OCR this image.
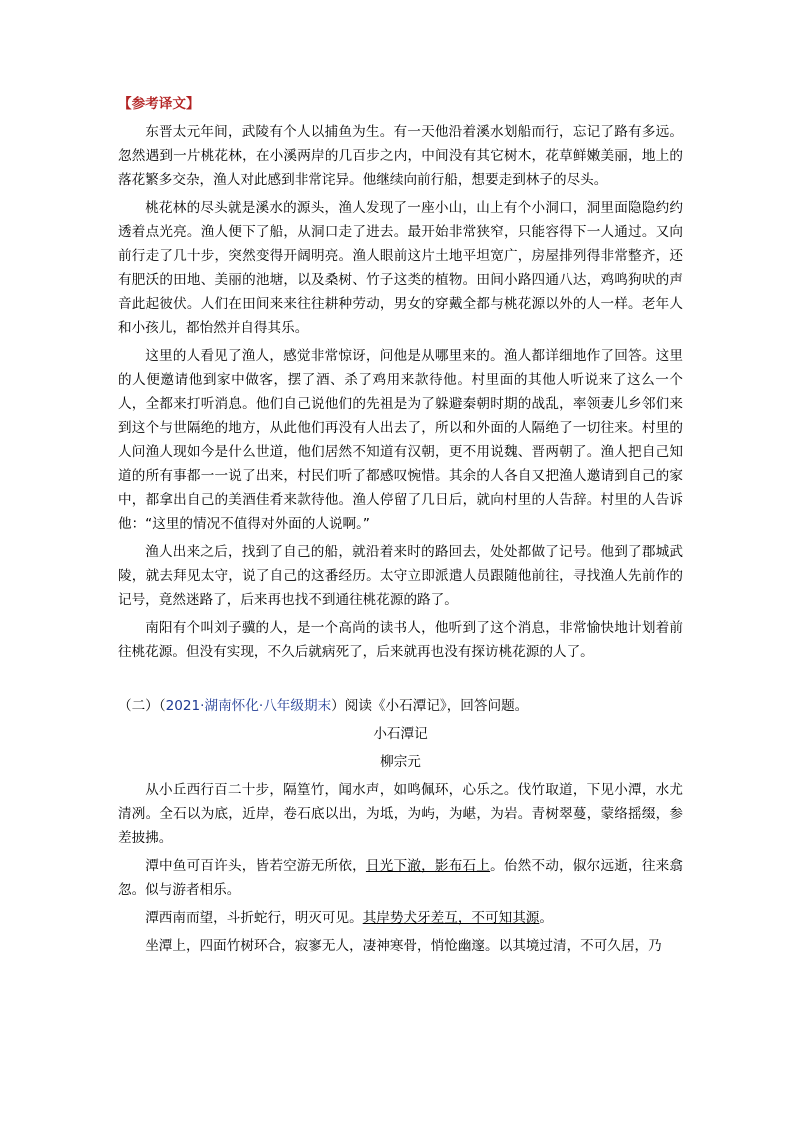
【参考译文】

东晋太元年间，武陵有个人以捕鱼为生。有一天他沿着溪水划船而行，忘记了路有多远。忽然遇到一片桃花林，在小溪两岸的几百步之内，中间没有其它树木，花草鲜嫩美丽，地上的落花繁多交杂，渔人对此感到非常诧异。他继续向前行船，想要走到林子的尽头。

桃花林的尽头就是溪水的源头，渔人发现了一座小山，山上有个小洞口，洞里面隐隐约约透着点光亮。渔人便下了船，从洞口走了进去。最开始非常狭窄，只能容得下一人通过。又向前行走了几十步，突然变得开阔明亮。渔人眼前这片土地平坦宽广，房屋排列得非常整齐，还有肥沃的田地、美丽的池塘，以及桑树、竹子这类的植物。田间小路四通八达，鸡鸣狗吠的声音此起彼伏。人们在田间来来往往耕种劳动，男女的穿戴全都与桃花源以外的人一样。老年人和小孩儿，都怡然并自得其乐。

这里的人看见了渔人，感觉非常惊讶，问他是从哪里来的。渔人都详细地作了回答。这里的人便邀请他到家中做客，摆了酒、杀了鸡用来款待他。村里面的其他人听说来了这么一个人，全都来打听消息。他们自己说他们的先祖是为了躲避秦朝时期的战乱，率领妻儿乡邻们来到这个与世隔绝的地方，从此他们再没有人出去了，所以和外面的人隔绝了一切往来。村里的人问渔人现如今是什么世道，他们居然不知道有汉朝，更不用说魏、晋两朝了。渔人把自己知道的所有事都一一说了出来，村民们听了都感叹惋惜。其余的人各自又把渔人邀请到自己的家中，都拿出自己的美酒佳肴来款待他。渔人停留了几日后，就向村里的人告辞。村里的人告诉他：“这里的情况不值得对外面的人说啊。”

渔人出来之后，找到了自己的船，就沿着来时的路回去，处处都做了记号。他到了郡城武陵，就去拜见太守，说了自己的这番经历。太守立即派遣人员跟随他前往，寻找渔人先前作的记号，竟然迷路了，后来再也找不到通往桃花源的路了。

南阳有个叫刘子骥的人，是一个高尚的读书人，他听到了这个消息，非常愉快地计划着前往桃花源。但没有实现，不久后就病死了，后来就再也没有探访桃花源的人了。

（二）（2021·湖南怀化·八年级期末）阅读《小石潭记》，回答问题。
小石潭记
柳宗元

从小丘西行百二十步，隔篁竹，闻水声，如鸣佩环，心乐之。伐竹取道，下见小潭，水尤清冽。全石以为底，近岸，卷石底以出，为坻，为屿，为嵁，为岩。青树翠蔓，蒙络摇缀，参差披拂。

潭中鱼可百许头，皆若空游无所依，日光下澈，影布石上。佁然不动，俶尔远逝，往来翕忽。似与游者相乐。

潭西南而望，斗折蛇行，明灭可见。其岸势犬牙差互，不可知其源。

坐潭上，四面竹树环合，寂寥无人，凄神寒骨，悄怆幽邃。以其境过清，不可久居，乃
